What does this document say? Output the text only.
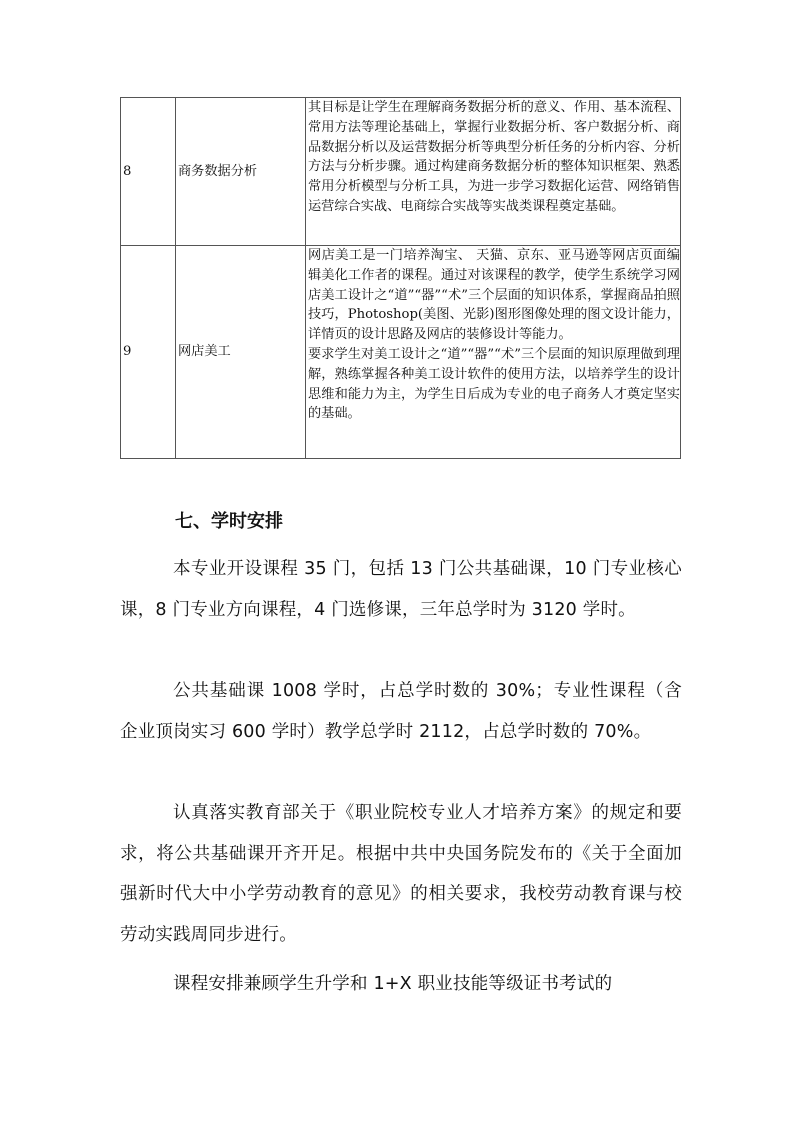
8	商务数据分析	其目标是让学生在理解商务数据分析的意义、作用、基本流程、常用方法等理论基础上，掌握行业数据分析、客户数据分析、商品数据分析以及运营数据分析等典型分析任务的分析内容、分析方法与分析步骤。通过构建商务数据分析的整体知识框架、熟悉常用分析模型与分析工具，为进一步学习数据化运营、网络销售运营综合实战、电商综合实战等实战类课程奠定基础。

9	网店美工	网店美工是一门培养淘宝、 天猫、京东、亚马逊等网店页面编辑美化工作者的课程。通过对该课程的教学，使学生系统学习网店美工设计之“道”“器”“术”三个层面的知识体系，掌握商品拍照技巧，Photoshop(美图、光影)图形图像处理的图文设计能力，详情页的设计思路及网店的装修设计等能力。
要求学生对美工设计之“道”“器”“术”三个层面的知识原理做到理解，熟练掌握各种美工设计软件的使用方法，以培养学生的设计思维和能力为主，为学生日后成为专业的电子商务人才奠定坚实的基础。
七、学时安排

本专业开设课程 35 门，包括 13 门公共基础课，10 门专业核心课，8 门专业方向课程，4 门选修课，三年总学时为 3120 学时。

公共基础课 1008 学时，占总学时数的 30%；专业性课程（含企业顶岗实习 600 学时）教学总学时 2112，占总学时数的 70%。

认真落实教育部关于《职业院校专业人才培养方案》的规定和要求，将公共基础课开齐开足。根据中共中央国务院发布的《关于全面加强新时代大中小学劳动教育的意见》的相关要求，我校劳动教育课与校劳动实践周同步进行。

课程安排兼顾学生升学和 1+X 职业技能等级证书考试的
